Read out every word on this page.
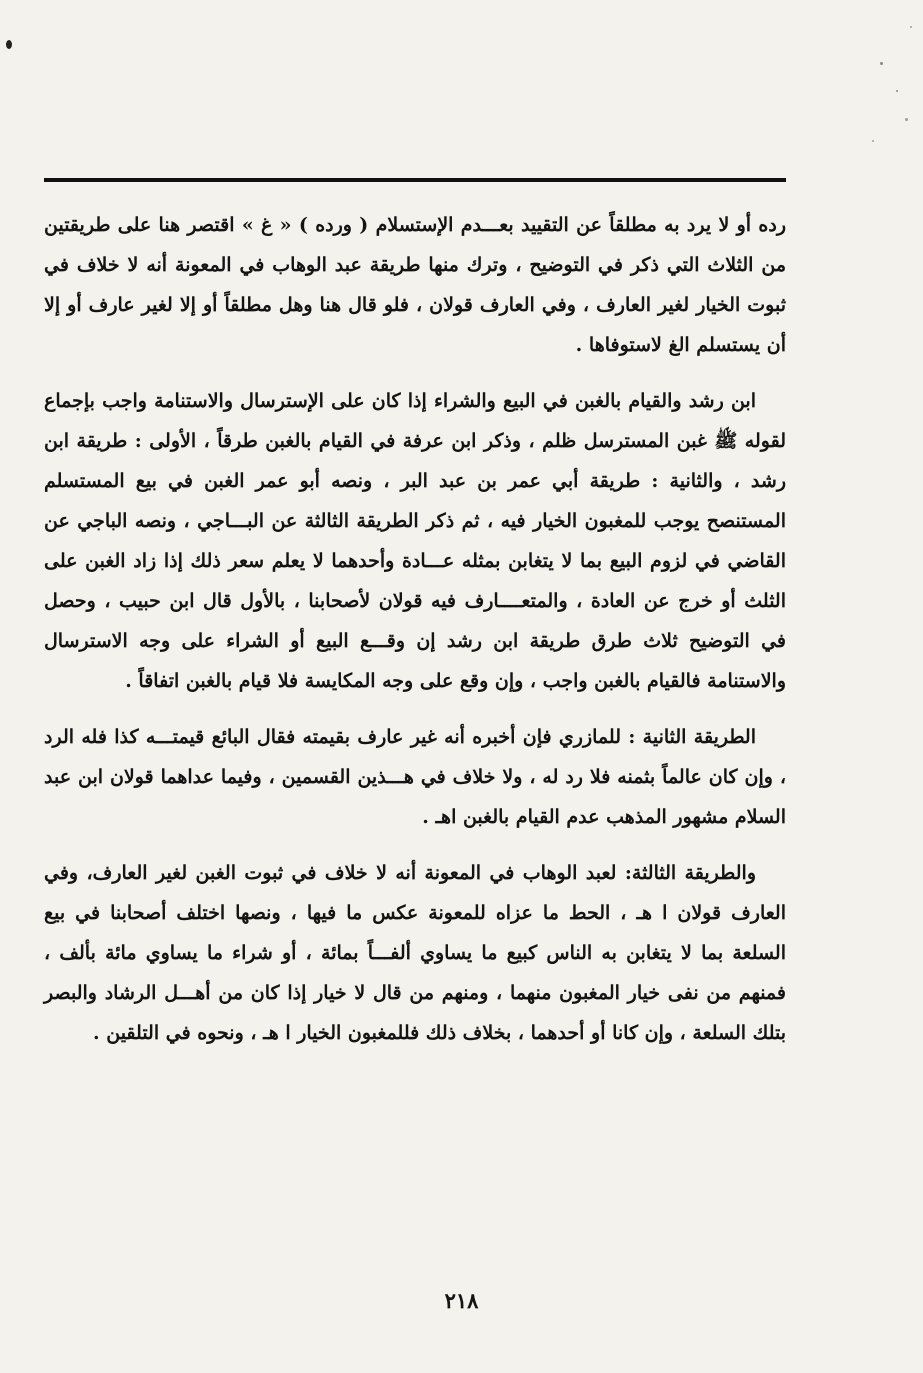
رده أو لا يرد به مطلقاً عن التقييد بعـــدم الإستسلام ( ورده ) « غ » اقتصر هنا على طريقتين من الثلاث التي ذكر في التوضيح ، وترك منها طريقة عبد الوهاب في المعونة أنه لا خلاف في ثبوت الخيار لغير العارف ، وفي العارف قولان ، فلو قال هنا وهل مطلقاً أو إلا لغير عارف أو إلا أن يستسلم الغ لاستوفاها .

ابن رشد والقيام بالغبن في البيع والشراء إذا كان على الإسترسال والاستنامة واجب بإجماع لقوله ﷺ غبن المسترسل ظلم ، وذكر ابن عرفة في القيام بالغبن طرقاً ، الأولى : طريقة ابن رشد ، والثانية : طريقة أبي عمر بن عبد البر ، ونصه أبو عمر الغبن في بيع المستسلم المستنصح يوجب للمغبون الخيار فيه ، ثم ذكر الطريقة الثالثة عن البـــاجي ، ونصه الباجي عن القاضي في لزوم البيع بما لا يتغابن بمثله عـــادة وأحدهما لا يعلم سعر ذلك إذا زاد الغبن على الثلث أو خرج عن العادة ، والمتعــــارف فيه قولان لأصحابنا ، بالأول قال ابن حبيب ، وحصل في التوضيح ثلاث طرق طريقة ابن رشد إن وقـــع البيع أو الشراء على وجه الاسترسال والاستنامة فالقيام بالغبن واجب ، وإن وقع على وجه المكايسة فلا قيام بالغبن اتفاقاً .

الطريقة الثانية : للمازري فإن أخبره أنه غير عارف بقيمته فقال البائع قيمتـــه كذا فله الرد ، وإن كان عالماً بثمنه فلا رد له ، ولا خلاف في هـــذين القسمين ، وفيما عداهما قولان ابن عبد السلام مشهور المذهب عدم القيام بالغبن اهـ .

والطريقة الثالثة: لعبد الوهاب في المعونة أنه لا خلاف في ثبوت الغبن لغير العارف، وفي العارف قولان ا هـ ، الحط ما عزاه للمعونة عكس ما فيها ، ونصها اختلف أصحابنا في بيع السلعة بما لا يتغابن به الناس كبيع ما يساوي ألفـــاً بمائة ، أو شراء ما يساوي مائة بألف ، فمنهم من نفى خيار المغبون منهما ، ومنهم من قال لا خيار إذا كان من أهـــل الرشاد والبصر بتلك السلعة ، وإن كانا أو أحدهما ، بخلاف ذلك فللمغبون الخيار ا هـ ، ونحوه في التلقين .

٢١٨
